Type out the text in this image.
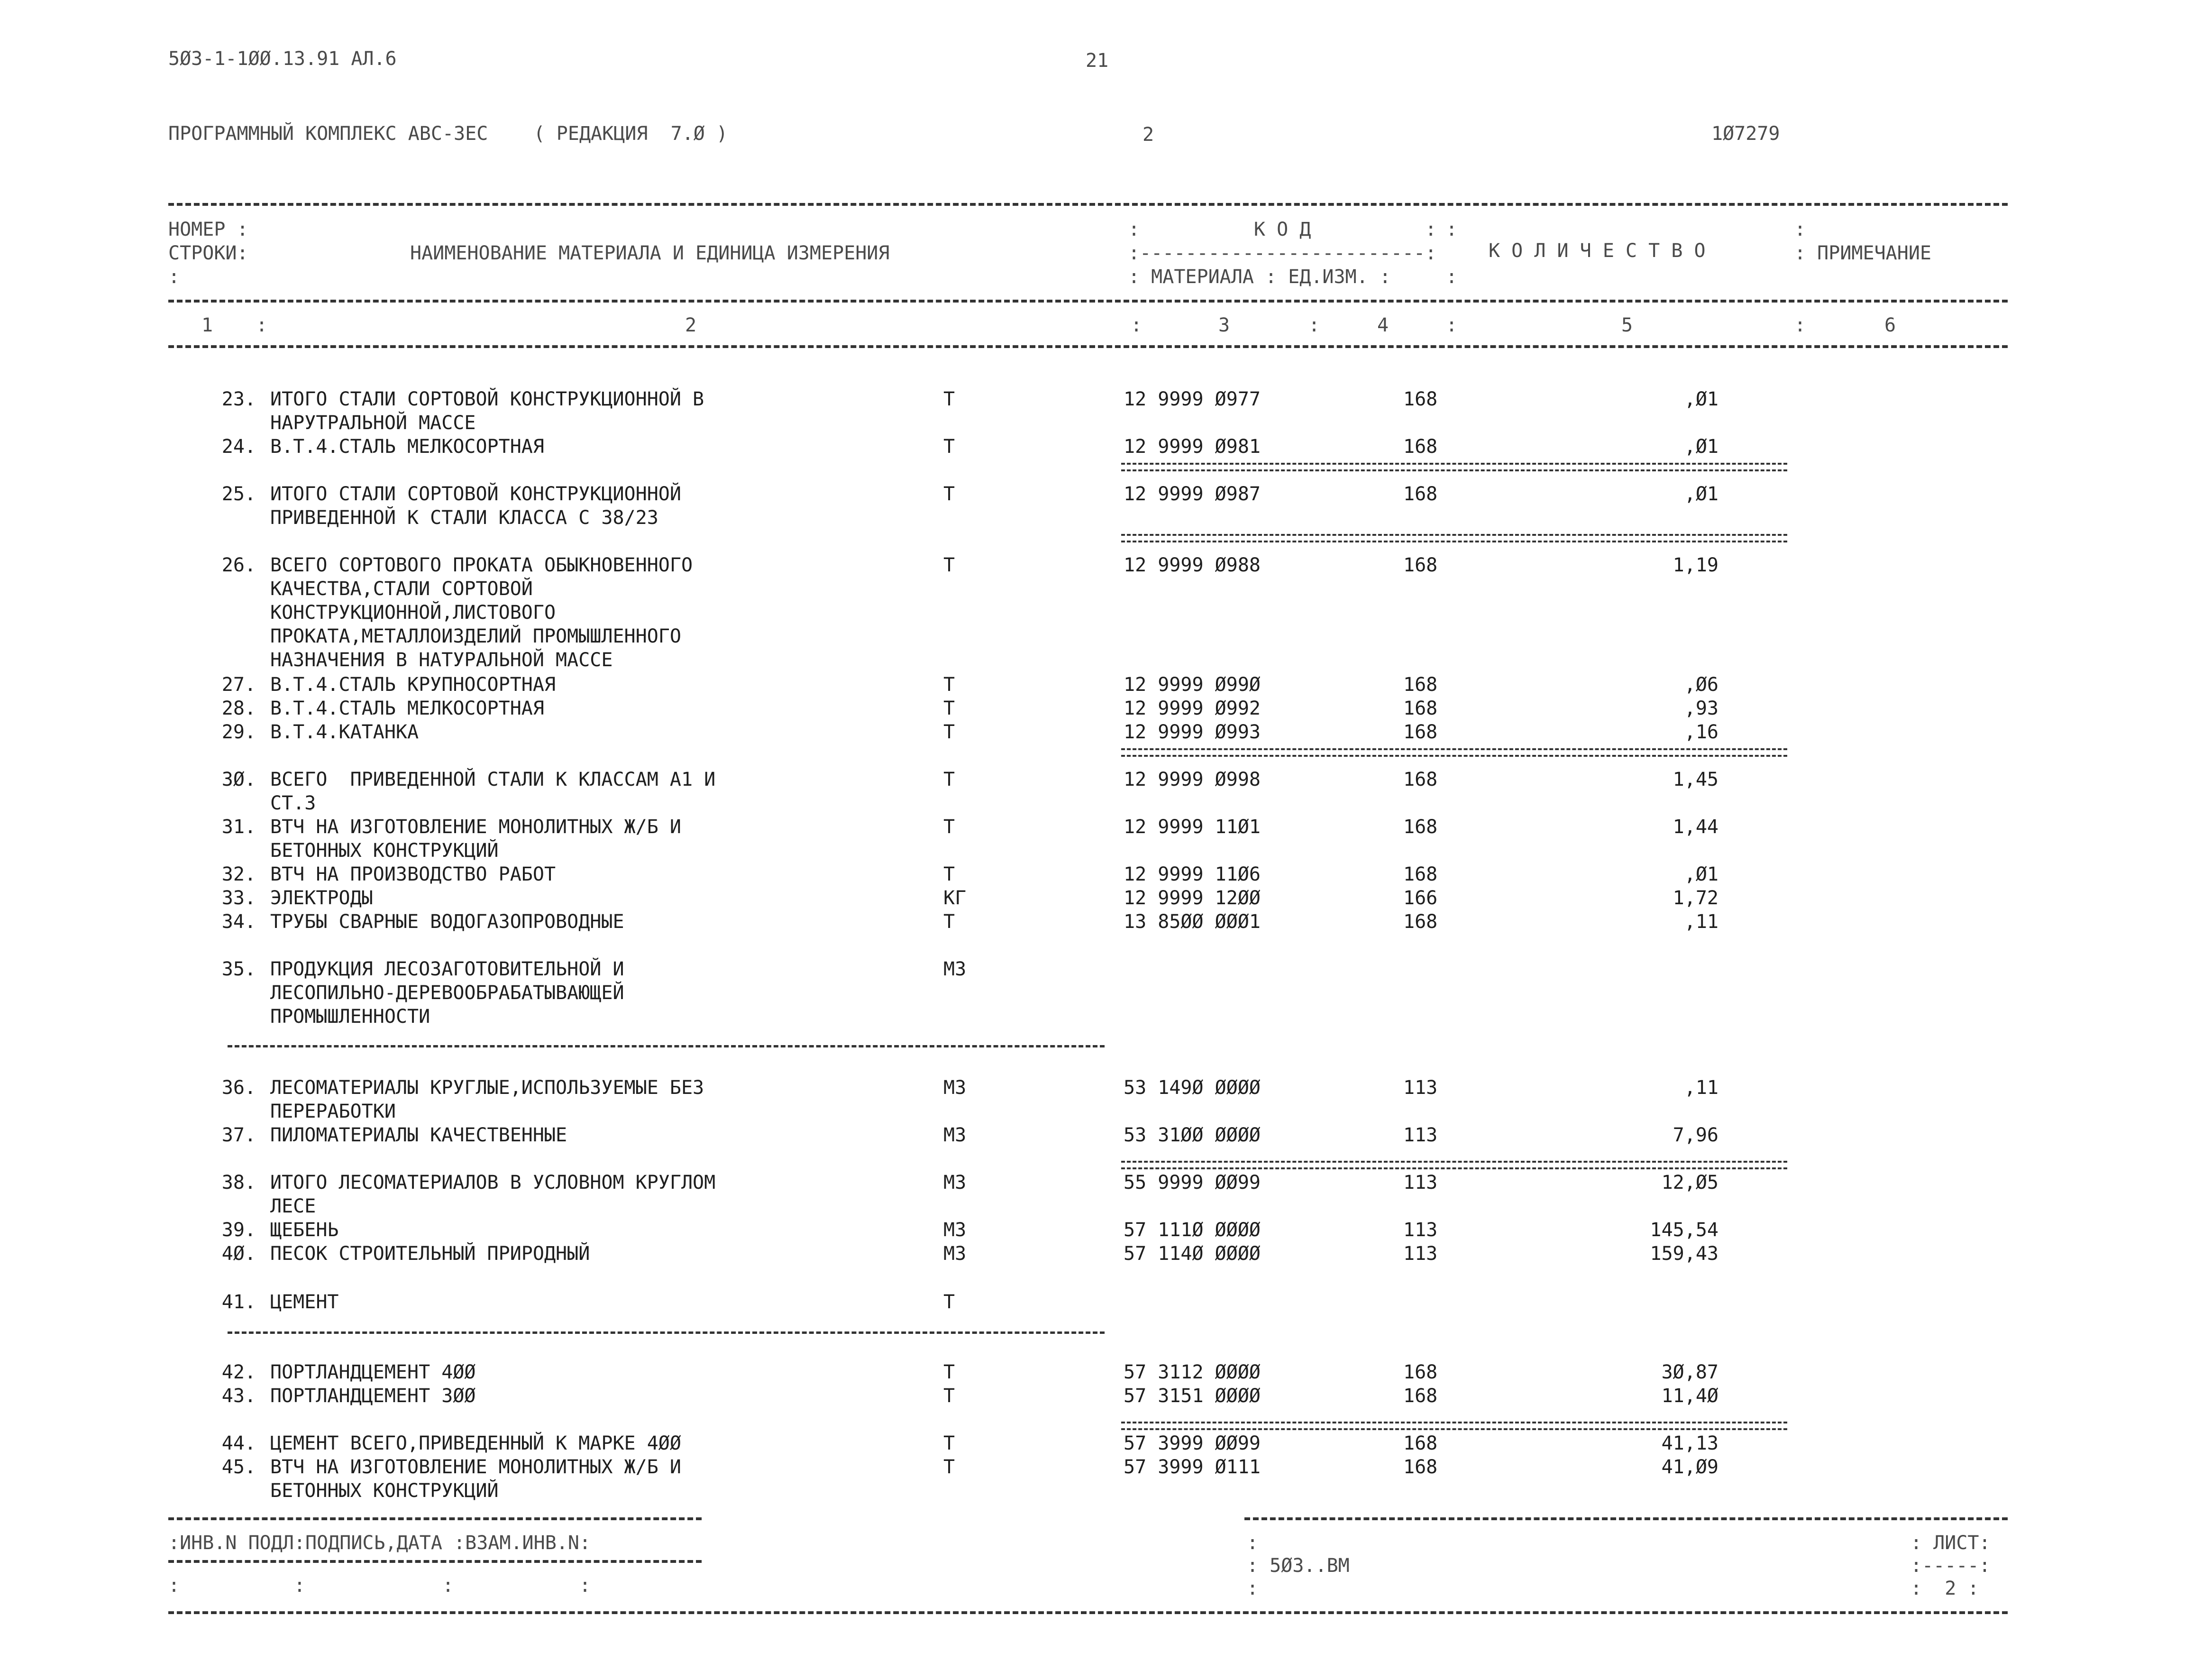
5Ø3-1-1ØØ.13.91 АЛ.6	21
ПРОГРАММНЫЙ КОМПЛЕКС АВС-ЗЕС    ( РЕДАКЦИЯ  7.Ø )	2	1Ø7279
НОМЕР :
СТРОКИ:
:
НАИМЕНОВАНИЕ МАТЕРИАЛА И ЕДИНИЦА ИЗМЕРЕНИЯ
:          К О Д          :
:-------------------------:
: МАТЕРИАЛА : ЕД.ИЗМ. :
:
:
К О Л И Ч Е С Т В О
:
: ПРИМЕЧАНИЕ
1 :	2	:	3	:	4	:	5	:	6
23. ИТОГО СТАЛИ СОРТОВОЙ КОНСТРУКЦИОННОЙ В
НАРУТРАЛЬНОЙ МАССЕ
Т	12 9999 Ø977	168	,Ø1
24. В.Т.4.СТАЛЬ МЕЛКОСОРТНАЯ	Т	12 9999 Ø981	168	,Ø1
25. ИТОГО СТАЛИ СОРТОВОЙ КОНСТРУКЦИОННОЙ
ПРИВЕДЕННОЙ К СТАЛИ КЛАССА С 38/23
Т	12 9999 Ø987	168	,Ø1
26. ВСЕГО СОРТОВОГО ПРОКАТА ОБЫКНОВЕННОГО
КАЧЕСТВА,СТАЛИ СОРТОВОЙ
КОНСТРУКЦИОННОЙ,ЛИСТОВОГО
ПРОКАТА,МЕТАЛЛОИЗДЕЛИЙ ПРОМЫШЛЕННОГО
НАЗНАЧЕНИЯ В НАТУРАЛЬНОЙ МАССЕ
Т	12 9999 Ø988	168	1,19
27. В.Т.4.СТАЛЬ КРУПНОСОРТНАЯ	Т	12 9999 Ø99Ø	168	,Ø6
28. В.Т.4.СТАЛЬ МЕЛКОСОРТНАЯ	Т	12 9999 Ø992	168	,93
29. В.Т.4.КАТАНКА	Т	12 9999 Ø993	168	,16
3Ø. ВСЕГО  ПРИВЕДЕННОЙ СТАЛИ К КЛАССАМ А1 И
СТ.3
Т	12 9999 Ø998	168	1,45
31. ВТЧ НА ИЗГОТОВЛЕНИЕ МОНОЛИТНЫХ Ж/Б И
БЕТОННЫХ КОНСТРУКЦИЙ
Т	12 9999 11Ø1	168	1,44
32. ВТЧ НА ПРОИЗВОДСТВО РАБОТ	Т	12 9999 11Ø6	168	,Ø1
33. ЭЛЕКТРОДЫ	КГ	12 9999 12ØØ	166	1,72
34. ТРУБЫ СВАРНЫЕ ВОДОГАЗОПРОВОДНЫЕ	Т	13 85ØØ ØØØ1	168	,11
35. ПРОДУКЦИЯ ЛЕСОЗАГОТОВИТЕЛЬНОЙ И
ЛЕСОПИЛЬНО-ДЕРЕВООБРАБАТЫВАЮЩЕЙ
ПРОМЫШЛЕННОСТИ
М3
36. ЛЕСОМАТЕРИАЛЫ КРУГЛЫЕ,ИСПОЛЬЗУЕМЫЕ БЕЗ
ПЕРЕРАБОТКИ
М3	53 149Ø ØØØØ	113	,11
37. ПИЛОМАТЕРИАЛЫ КАЧЕСТВЕННЫЕ	М3	53 31ØØ ØØØØ	113	7,96
38. ИТОГО ЛЕСОМАТЕРИАЛОВ В УСЛОВНОМ КРУГЛОМ
ЛЕСЕ
М3	55 9999 ØØ99	113	12,Ø5
39. ЩЕБЕНЬ	М3	57 111Ø ØØØØ	113	145,54
4Ø. ПЕСОК СТРОИТЕЛЬНЫЙ ПРИРОДНЫЙ	М3	57 114Ø ØØØØ	113	159,43
41. ЦЕМЕНТ	Т
42. ПОРТЛАНДЦЕМЕНТ 4ØØ	Т	57 3112 ØØØØ	168	3Ø,87
43. ПОРТЛАНДЦЕМЕНТ 3ØØ	Т	57 3151 ØØØØ	168	11,4Ø
44. ЦЕМЕНТ ВСЕГО,ПРИВЕДЕННЫЙ К МАРКЕ 4ØØ	Т	57 3999 ØØ99	168	41,13
45. ВТЧ НА ИЗГОТОВЛЕНИЕ МОНОЛИТНЫХ Ж/Б И
БЕТОННЫХ КОНСТРУКЦИЙ
Т	57 3999 Ø111	168	41,Ø9
:ИНВ.N ПОДЛ:ПОДПИСЬ,ДАТА :ВЗАМ.ИНВ.N:
:          :            :           :
:
: 5Ø3..ВМ
:
: ЛИСТ:
:-----:
:  2 :
